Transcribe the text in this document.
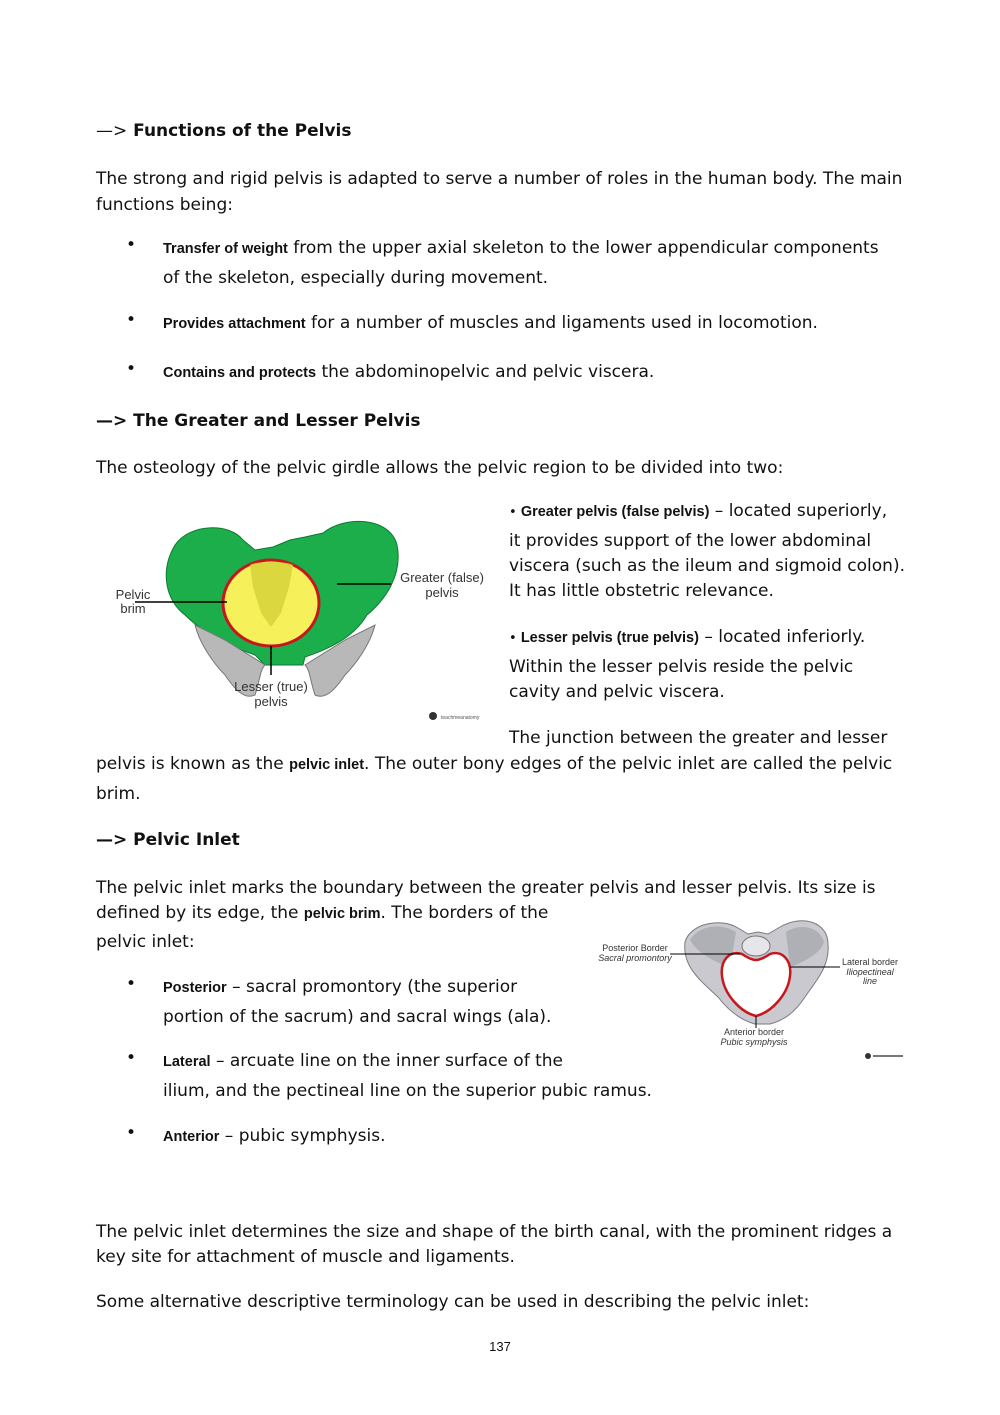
—> Functions of the Pelvis
The strong and rigid pelvis is adapted to serve a number of roles in the human body. The main functions being:
• Transfer of weight from the upper axial skeleton to the lower appendicular components
of the skeleton, especially during movement.
• Provides attachment for a number of muscles and ligaments used in locomotion.
• Contains and protects the abdominopelvic and pelvic viscera.
—> The Greater and Lesser Pelvis
The osteology of the pelvic girdle allows the pelvic region to be divided into two:
Pelvic
brim
Greater (false)
pelvis
Lesser (true)
pelvis
teachmeanatomy
• Greater pelvis (false pelvis) – located superiorly,
it provides support of the lower abdominal
viscera (such as the ileum and sigmoid colon).
It has little obstetric relevance.
• Lesser pelvis (true pelvis) – located inferiorly.
Within the lesser pelvis reside the pelvic
cavity and pelvic viscera.
The junction between the greater and lesser
pelvis is known as the pelvic inlet. The outer bony edges of the pelvic inlet are called the pelvic
brim.
—> Pelvic Inlet
The pelvic inlet marks the boundary between the greater pelvis and lesser pelvis. Its size is
defined by its edge, the pelvic brim. The borders of the
pelvic inlet:	Posterior Border
Sacral promontory	Lateral border
Iliopectineal
line
Anterior border
Pubic symphysis
• Posterior – sacral promontory (the superior
portion of the sacrum) and sacral wings (ala).
• Lateral – arcuate line on the inner surface of the
ilium, and the pectineal line on the superior pubic ramus.
• Anterior – pubic symphysis.
The pelvic inlet determines the size and shape of the birth canal, with the prominent ridges a
key site for attachment of muscle and ligaments.
Some alternative descriptive terminology can be used in describing the pelvic inlet:
137
